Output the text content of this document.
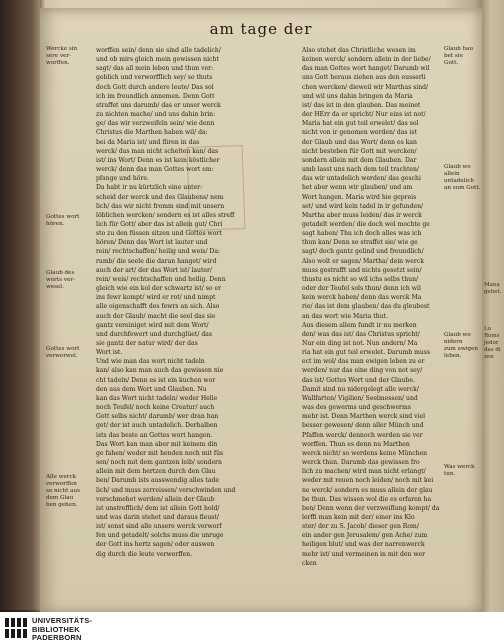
am tage der
Wercke sin
sere ver-
worffen.
Gottes wort
hören.
Glaub des
worts ver-
wesel.
Gottes wort
verwerwel.
Alle werck
verworffen
so nicht aus
dem Glau
ben gehen.
Glaub hau
bet sie
Gott.
Glaub wo
allein
untadelich
an sum Gott.
Glaub wo
nidern
zum ewigen
leben.
Was werck
tun.
worffen sein/ denn sie sind alle tadelich/
und ob mirs gleich mein gewissen nicht
sagt/ das all mein leben und thun ver:
geblich und verworfflich sey/ so thuts
doch Gott durch andere leute/ Das sol
ich im freundlich annemen. Denn Gott
straffet uns darumb/ das er unser werck
zu nichten mache/ und uns dahin brin:
ge/ das wir verzweifeln sein/ wie denn
Christus die Marthen haben wil/ da:
bei da Maria ist/ und fliren in das
werck/ das man nicht schelten kan/ das
ist/ ins Wort/ Denn es ist kein köstlicher
werck/ denn das man Gottes wort em:
pfange und höre.
Da habt ir nu kürtzlich eine unter:
scheid der werck und des Glaubens/ nem
lich/ das wir nicht fromm sind mit unsern
löblichen wercken/ sondern es ist alles streff
lich für Gott/ aber das ist allein gut/ Chri
sto zu den füssen sitzen und Gottes wort
hören/ Denn das Wort ist lauter und
rein/ rechtschaffen/ heilig und weis/ Da:
rumb/ die seele die daran hanget/ wird
auch der art/ der das Wort ist/ lauter/
rein/ weis/ rechtschaffen und heilig. Denn
gleich wie ein kol der schwartz ist/ so er
ins fewr kompt/ wird er rot/ und nimpt
alle eigenschafft des fewrs an sich. Also
auch der Glaub/ macht die seel das sie
gantz vereiniget wird mit dem Wort/
und durchfewert und durchglüet/ das
sie gantz der natur wird/ der das
Wort ist.
Und wie man das wort nicht tadeln
kan/ also kan man auch das gewissen nie
cht tadeln/ Denn es ist ein kuchen wor
den aus dem Wort und Glauben. Nu
kan das Wort nicht tadeln/ weder Helle
noch Teufel/ noch keine Creatur/ auch
Gott selbs nicht/ darumb/ wer dran han
get/ der ist auch untadelich. Derhalben
ists das beste an Gottes wort hangen.
Das Wort kan man aber mit keinem din
ge fahen/ weder mit henden noch mit füs
sen/ noch mit dem gantzen leib/ sondern
allein mit dem hertzen durch den Glau
ben/ Darumb ists ausswendig alles tade
lich/ und muss zerreissen/ verschwinden und
verschmehet werden/ allein der Glaub
ist unstrefflich/ dem ist allein Gott hold/
und was darin stehet und daraus fleust/
ist/ sonst sind alle unsere werck verworf
fen und getadelt/ solchs muss die unruge
der Gott ins hertz sagen/ oder auswen
dig durch die leute verwerffen.
Also stehet das Christliche wesen im
keinen werck/ sondern allein in der liebe/
das man Gottes wort hanget/ Darumb wil
uns Gott heraus ziehen aus den eusserli
chen wercken/ dieweil wir Marthas sind/
und wil uns dahin bringen da Maria
ist/ das ist in den glauben. Das meinet
der HErr da er spricht/ Nur eins ist not/
Maria hat ein gut teil erwelet/ das sol
nicht von ir genomen werden/ das ist
der Glaub und das Wort/ denn es kan
nicht besteben für Gott mit wercken/
sondern allein mit dem Glauben. Dar
umb lasst uns nach dem teil trachten/
das wir untadelich werden/ das geschi
het aber wenn wir glauben/ und am
Wort hangen. Maria wird hie gepreis
set/ und wird kein tadel in ir gefunden/
Martha aber muss leiden/ das ir werck
getadelt werden/ die doch wol mochte ge
sagt haben/ Thu ich doch alles was ich
thun kan/ Denn so straffet sie/ wie ge
sagt/ doch gantz gelind und freundlich/
Also wolt er sagen/ Martha/ dein werck
muss gestrafft und nichts gesetzt sein/
thustu es nicht so wil ichs selbs thun/
oder der Teufel sols thun/ denn ich wil
kein werck haben/ denn das werck Ma
rie/ das ist dem glauben/ das du gleubest
an das wort wie Maria thut.
Aus diesem allem fundt ir nu merken
den/ was das ist/ das Christus spricht/
Nur ein ding ist not. Nun andern/ Ma
ria hat ein gut teil erwelet. Darumb muss
ect im wol/ das man ewigen leben zu er
werden/ nur das eine ding von not sey/
das ist/ Gottes Wort und der Glaube.
Damit sind nu nidergelegt alle werck/
Wallfarten/ Vigilien/ Seelmessen/ und
was des gewerms und geschwerms
mehr ist. Denn Marthen werck sind viel
besser gewesen/ denn aller Münch und
Pfaffen werck/ dennoch werden sie ver
worffen. Thun es denn nu Marthen
werck nicht/ so werdens keine München
werck thun. Darumb das gewissen fro
lich zu machen/ wird man nicht erlangt/
weder mit reuen noch leiden/ noch mit kei
ne werck/ sondern es muss allein der glau
be thun. Das wissen wol die es erfaren ha
ben/ Denn wenn der verzweiflung kompt/ da
lerffi man kein mit der/ einer ins Klo
ster/ der zu S. Jacob/ dieser gen Rom/
ein ander gen Jerusalem/ gen Ache/ zum
heiligen blut/ und was der narrenwerck
mehr ist/ und vermeinen in mit den wer
cken
Mana
gebet.
Lu Roms
jedor
das di
zen
UNIVERSITÄTS-
BIBLIOTHEK
PADERBORN
